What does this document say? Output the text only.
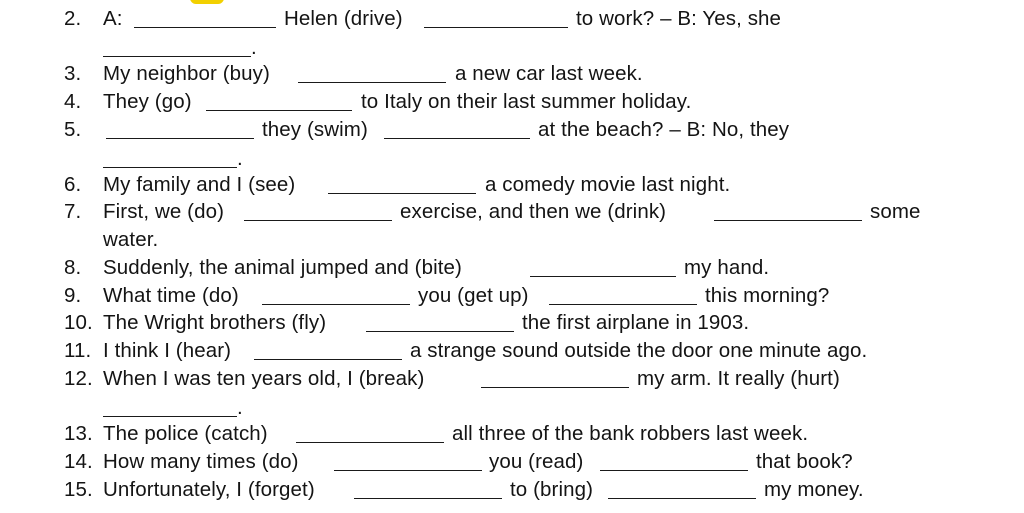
2. A:	Helen (drive)	to work? – B: Yes, she
.
3. My neighbor (buy)	a new car last week.
4. They (go)	to Italy on their last summer holiday.
5.	they (swim)	at the beach? – B: No, they
.
6. My family and I (see)	a comedy movie last night.
7. First, we (do)	exercise, and then we (drink)	some
water.
8. Suddenly, the animal jumped and (bite)	my hand.
9. What time (do)	you (get up)	this morning?
10. The Wright brothers (fly)	the first airplane in 1903.
11. I think I (hear)	a strange sound outside the door one minute ago.
12. When I was ten years old, I (break)	my arm. It really (hurt)
.
13. The police (catch)	all three of the bank robbers last week.
14. How many times (do)	you (read)	that book?
15. Unfortunately, I (forget)	to (bring)	my money.
